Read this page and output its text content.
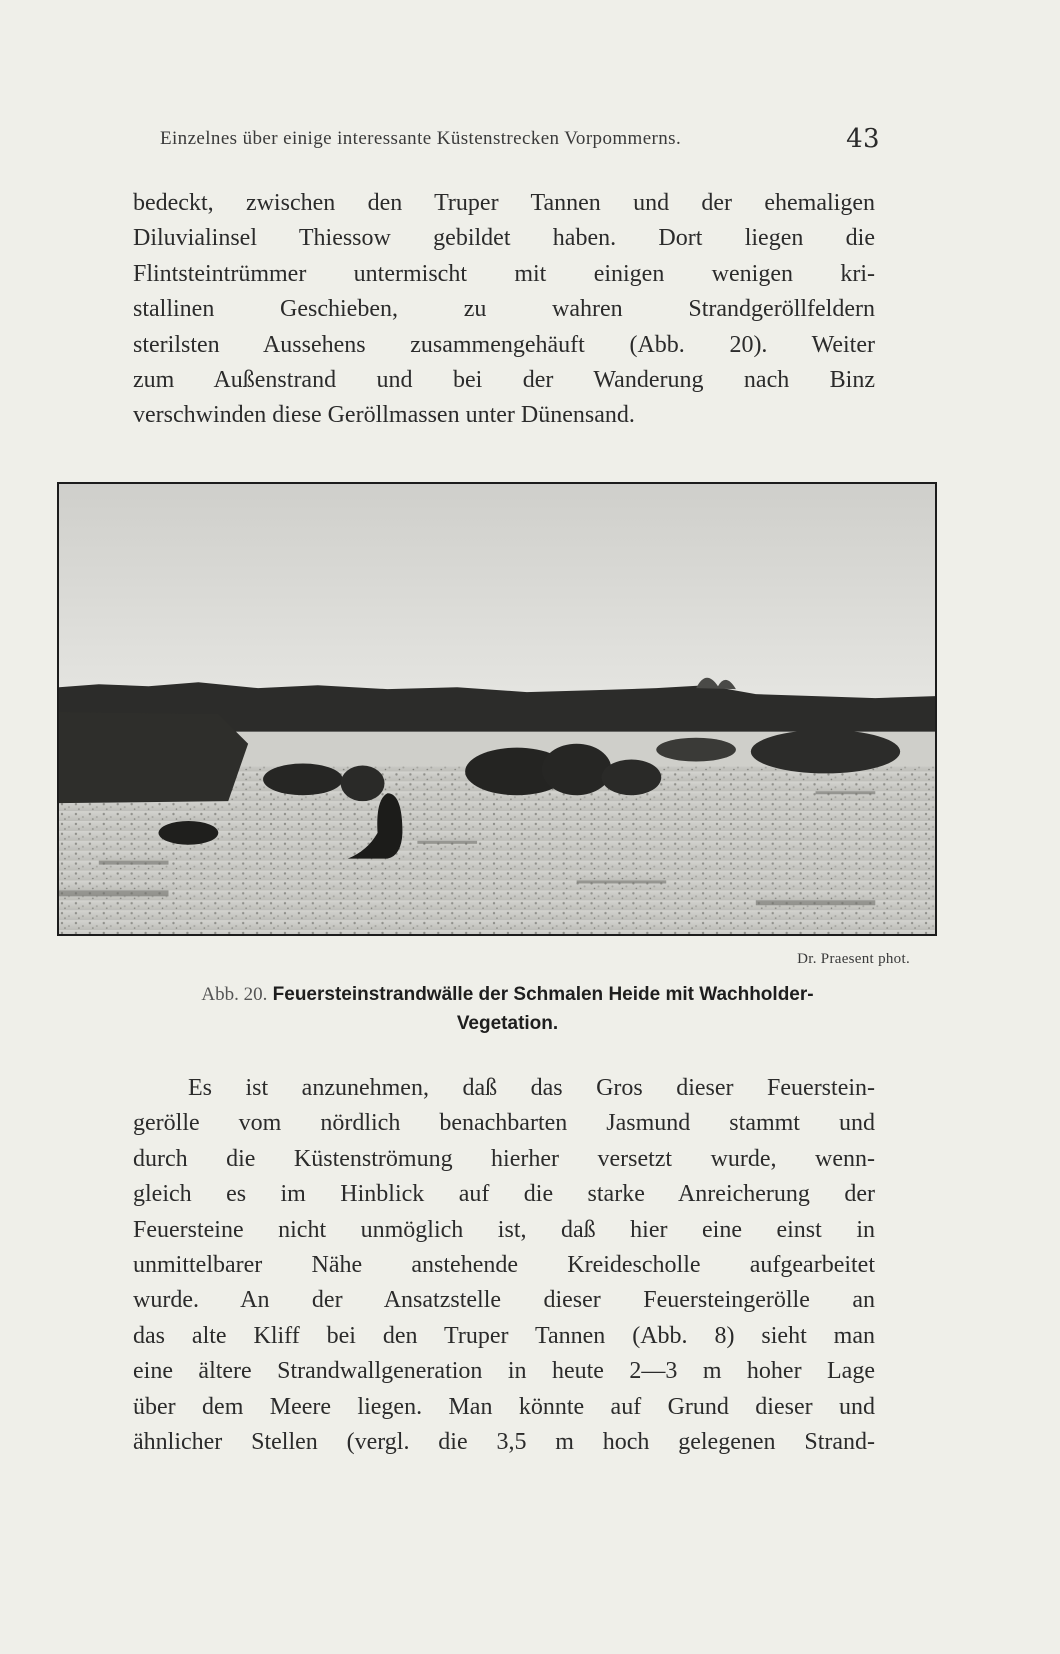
Einzelnes über einige interessante Küstenstrecken Vorpommerns.	43
bedeckt, zwischen den Truper Tannen und der ehemaligen
Diluvialinsel Thiessow gebildet haben. Dort liegen die
Flintsteintrümmer untermischt mit einigen wenigen kri-
stallinen Geschieben, zu wahren Strandgeröllfeldern
sterilsten Aussehens zusammengehäuft (Abb. 20). Weiter
zum Außenstrand und bei der Wanderung nach Binz
verschwinden diese Geröllmassen unter Dünensand.
Dr. Praesent phot.
Abb. 20. Feuersteinstrandwälle der Schmalen Heide mit Wachholder-
Vegetation.
Es ist anzunehmen, daß das Gros dieser Feuerstein-
gerölle vom nördlich benachbarten Jasmund stammt und
durch die Küstenströmung hierher versetzt wurde, wenn-
gleich es im Hinblick auf die starke Anreicherung der
Feuersteine nicht unmöglich ist, daß hier eine einst in
unmittelbarer Nähe anstehende Kreidescholle aufgearbeitet
wurde. An der Ansatzstelle dieser Feuersteingerölle an
das alte Kliff bei den Truper Tannen (Abb. 8) sieht man
eine ältere Strandwallgeneration in heute 2—3 m hoher Lage
über dem Meere liegen. Man könnte auf Grund dieser und
ähnlicher Stellen (vergl. die 3,5 m hoch gelegenen Strand-
